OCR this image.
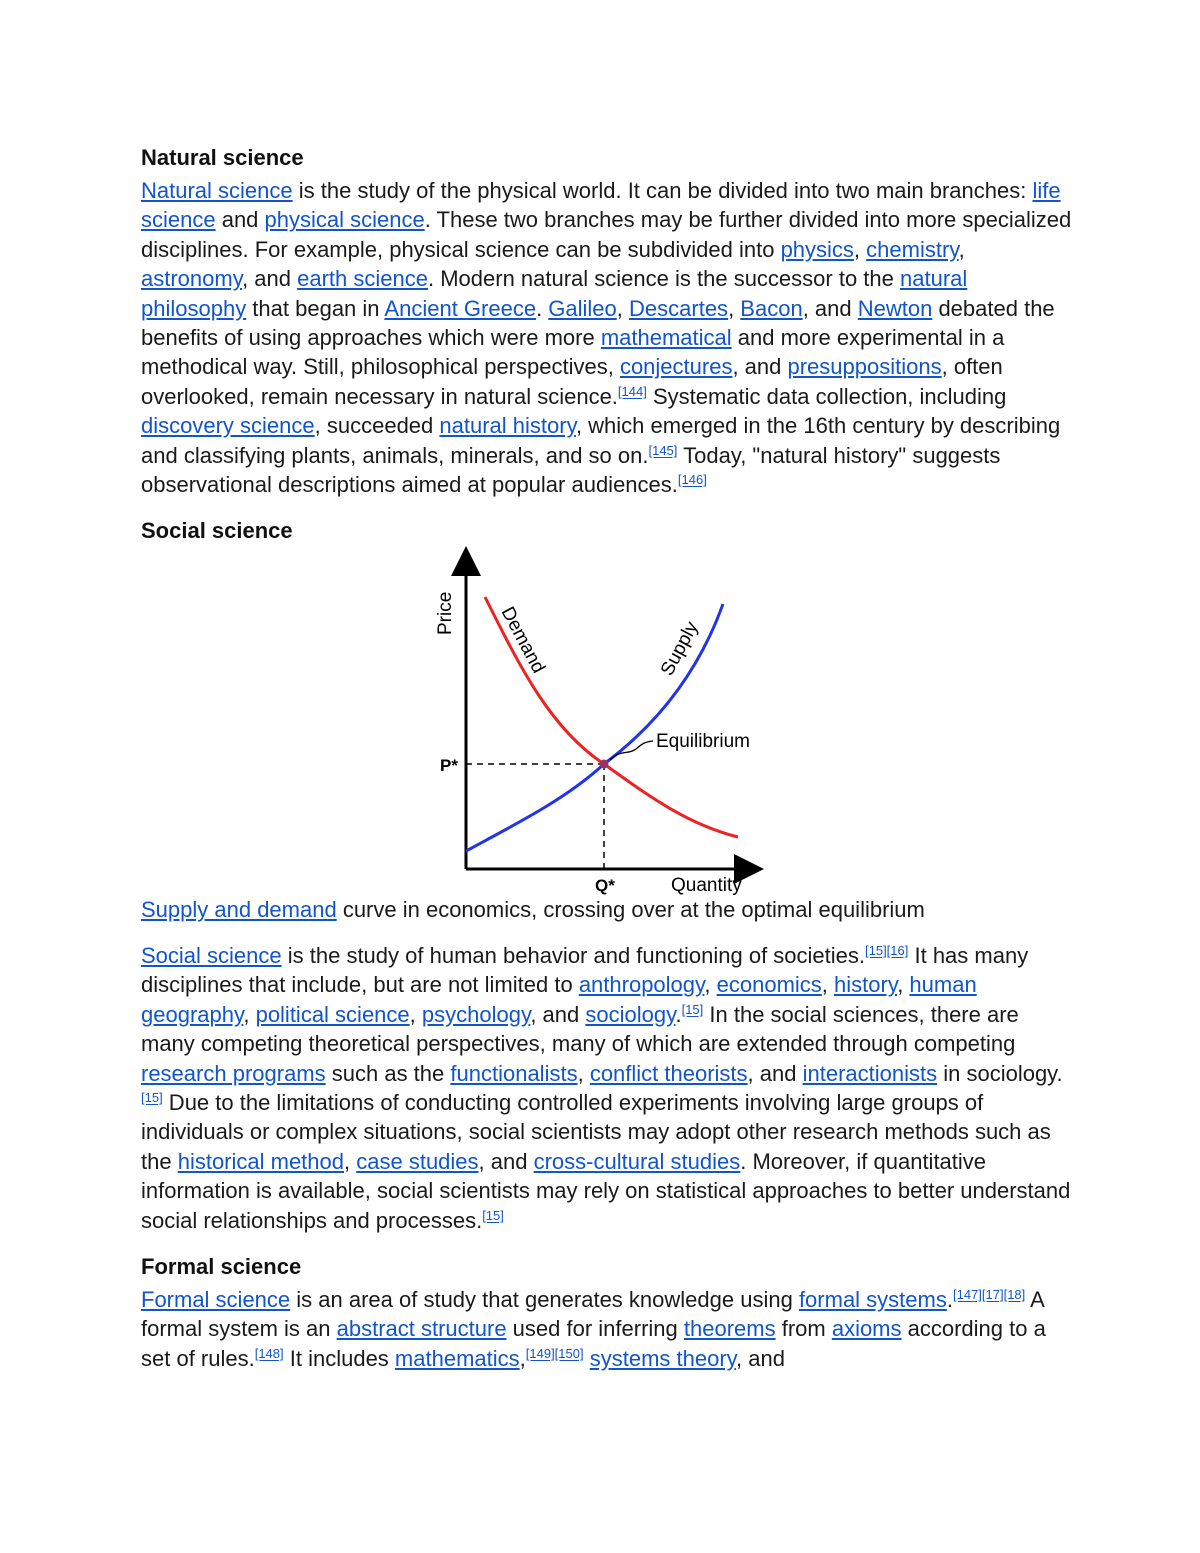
Natural science

Natural science is the study of the physical world. It can be divided into two main branches: life science and physical science. These two branches may be further divided into more specialized disciplines. For example, physical science can be subdivided into physics, chemistry, astronomy, and earth science. Modern natural science is the successor to the natural philosophy that began in Ancient Greece. Galileo, Descartes, Bacon, and Newton debated the benefits of using approaches which were more mathematical and more experimental in a methodical way. Still, philosophical perspectives, conjectures, and presuppositions, often overlooked, remain necessary in natural science.[144] Systematic data collection, including discovery science, succeeded natural history, which emerged in the 16th century by describing and classifying plants, animals, minerals, and so on.[145] Today, "natural history" suggests observational descriptions aimed at popular audiences.[146]

Social science
Price
Quantity
P*
Q*
Equilibrium
Demand	Supply

Supply and demand curve in economics, crossing over at the optimal equilibrium

Social science is the study of human behavior and functioning of societies.[15][16] It has many disciplines that include, but are not limited to anthropology, economics, history, human geography, political science, psychology, and sociology.[15] In the social sciences, there are many competing theoretical perspectives, many of which are extended through competing research programs such as the functionalists, conflict theorists, and interactionists in sociology.[15] Due to the limitations of conducting controlled experiments involving large groups of individuals or complex situations, social scientists may adopt other research methods such as the historical method, case studies, and cross-cultural studies. Moreover, if quantitative information is available, social scientists may rely on statistical approaches to better understand social relationships and processes.[15]

Formal science

Formal science is an area of study that generates knowledge using formal systems.[147][17][18] A formal system is an abstract structure used for inferring theorems from axioms according to a set of rules.[148] It includes mathematics,[149][150] systems theory, and
